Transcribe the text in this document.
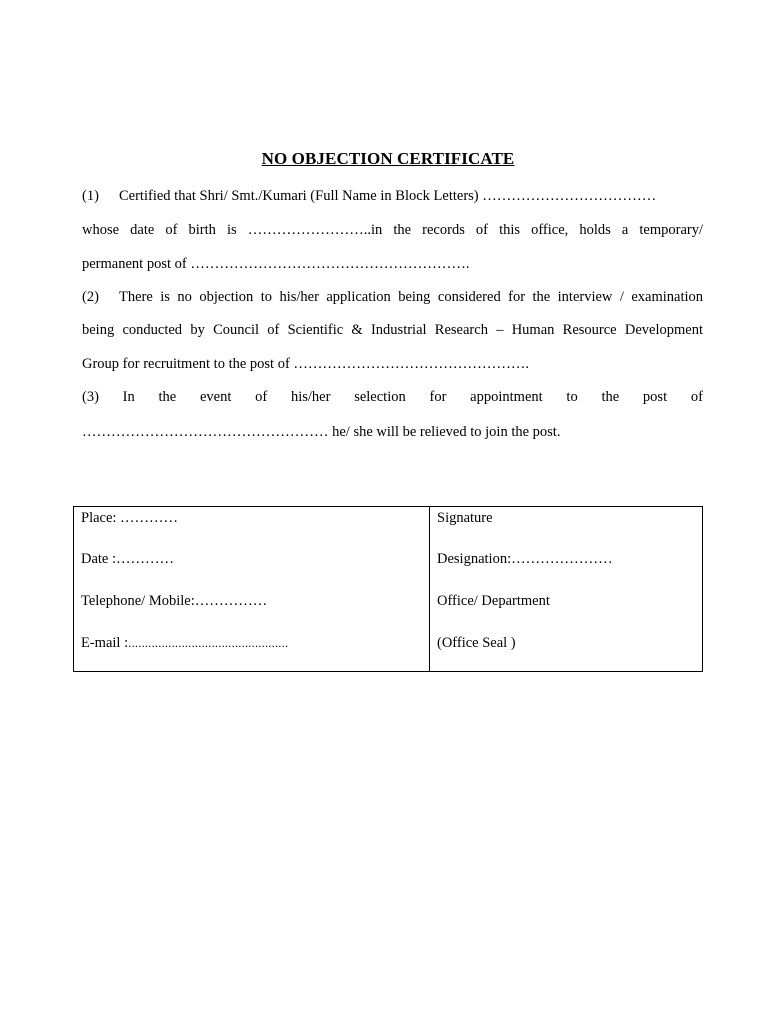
NO OBJECTION CERTIFICATE
(1) Certified that Shri/ Smt./Kumari (Full Name in Block Letters) ………………………………
whose date of birth is ……………………..in the records of this office, holds a temporary/
permanent post of ………………………………………………….
(2)	There is no objection to his/her application being considered for the interview / examination
being conducted by Council of Scientific & Industrial Research – Human Resource Development
Group for recruitment to the post of ………………………………………….
(3) In the event of his/her selection for appointment to the post of
…………………………………………… he/ she will be relieved to join the post.
Place: …………
Date :…………
Telephone/ Mobile:……………
E-mail :................................................
Signature
Designation:…………………
Office/ Department
(Office Seal )
